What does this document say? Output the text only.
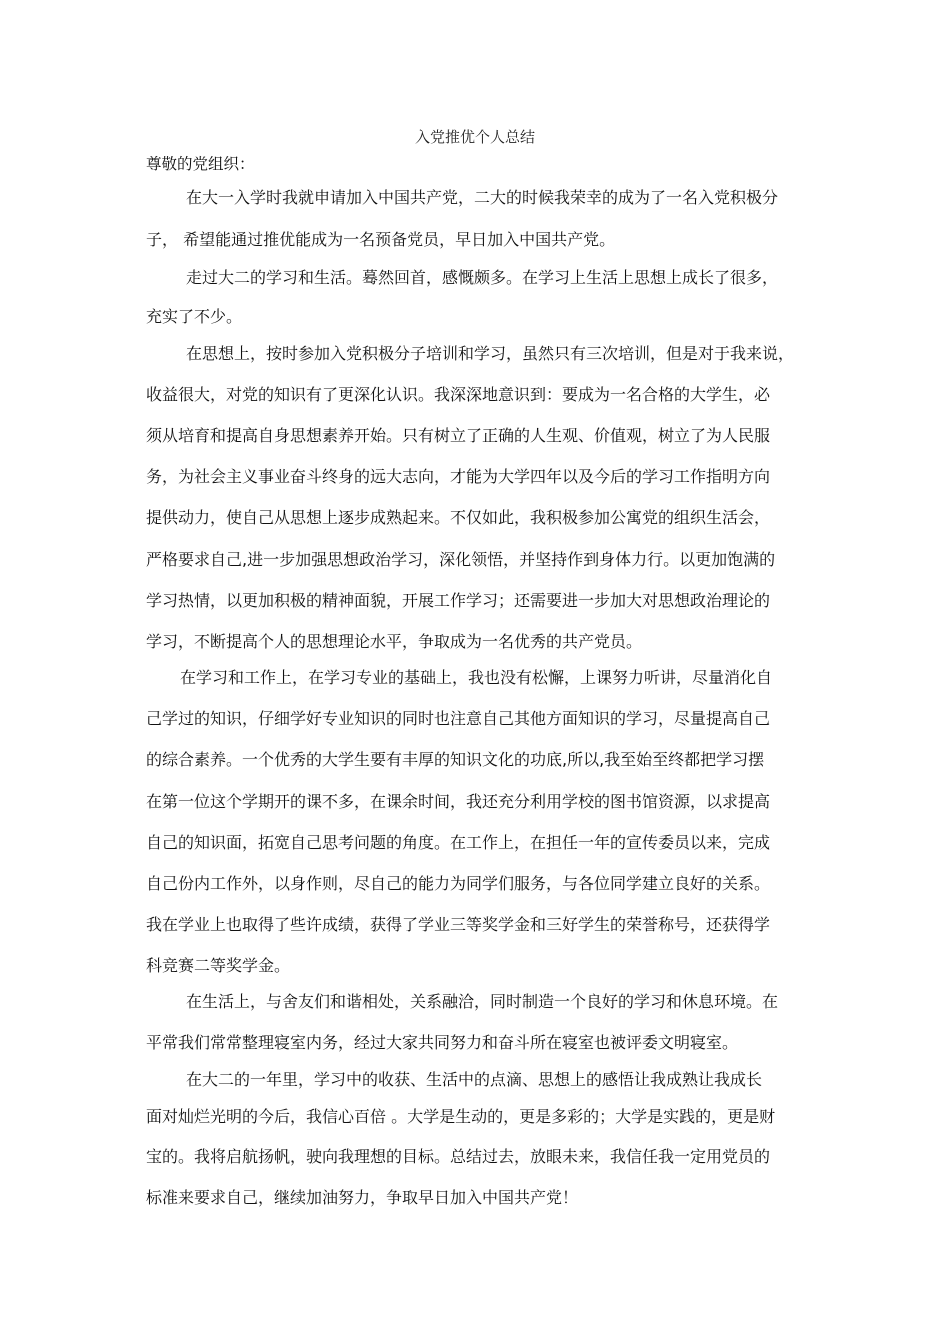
入党推优个人总结
尊敬的党组织：
在大一入学时我就申请加入中国共产党，二大的时候我荣幸的成为了一名入党积极分
子， 希望能通过推优能成为一名预备党员，早日加入中国共产党。
走过大二的学习和生活。蓦然回首，感慨颇多。在学习上生活上思想上成长了很多，
充实了不少。
在思想上，按时参加入党积极分子培训和学习，虽然只有三次培训，但是对于我来说，
收益很大，对党的知识有了更深化认识。我深深地意识到：要成为一名合格的大学生，必
须从培育和提高自身思想素养开始。只有树立了正确的人生观、价值观，树立了为人民服
务，为社会主义事业奋斗终身的远大志向，才能为大学四年以及今后的学习工作指明方向
提供动力，使自己从思想上逐步成熟起来。不仅如此，我积极参加公寓党的组织生活会，
严格要求自己,进一步加强思想政治学习，深化领悟，并坚持作到身体力行。以更加饱满的
学习热情，以更加积极的精神面貌，开展工作学习；还需要进一步加大对思想政治理论的
学习，不断提高个人的思想理论水平，争取成为一名优秀的共产党员。
在学习和工作上，在学习专业的基础上，我也没有松懈，上课努力听讲，尽量消化自
己学过的知识，仔细学好专业知识的同时也注意自己其他方面知识的学习，尽量提高自己
的综合素养。一个优秀的大学生要有丰厚的知识文化的功底,所以,我至始至终都把学习摆
在第一位这个学期开的课不多，在课余时间，我还充分利用学校的图书馆资源，以求提高
自己的知识面，拓宽自己思考问题的角度。在工作上，在担任一年的宣传委员以来，完成
自己份内工作外，以身作则，尽自己的能力为同学们服务，与各位同学建立良好的关系。
我在学业上也取得了些许成绩，获得了学业三等奖学金和三好学生的荣誉称号，还获得学
科竞赛二等奖学金。
在生活上，与舍友们和谐相处，关系融洽，同时制造一个良好的学习和休息环境。在
平常我们常常整理寝室内务，经过大家共同努力和奋斗所在寝室也被评委文明寝室。
在大二的一年里，学习中的收获、生活中的点滴、思想上的感悟让我成熟让我成长
面对灿烂光明的今后，我信心百倍 。大学是生动的，更是多彩的；大学是实践的，更是财
宝的。我将启航扬帆，驶向我理想的目标。总结过去，放眼未来，我信任我一定用党员的
标准来要求自己，继续加油努力，争取早日加入中国共产党！
